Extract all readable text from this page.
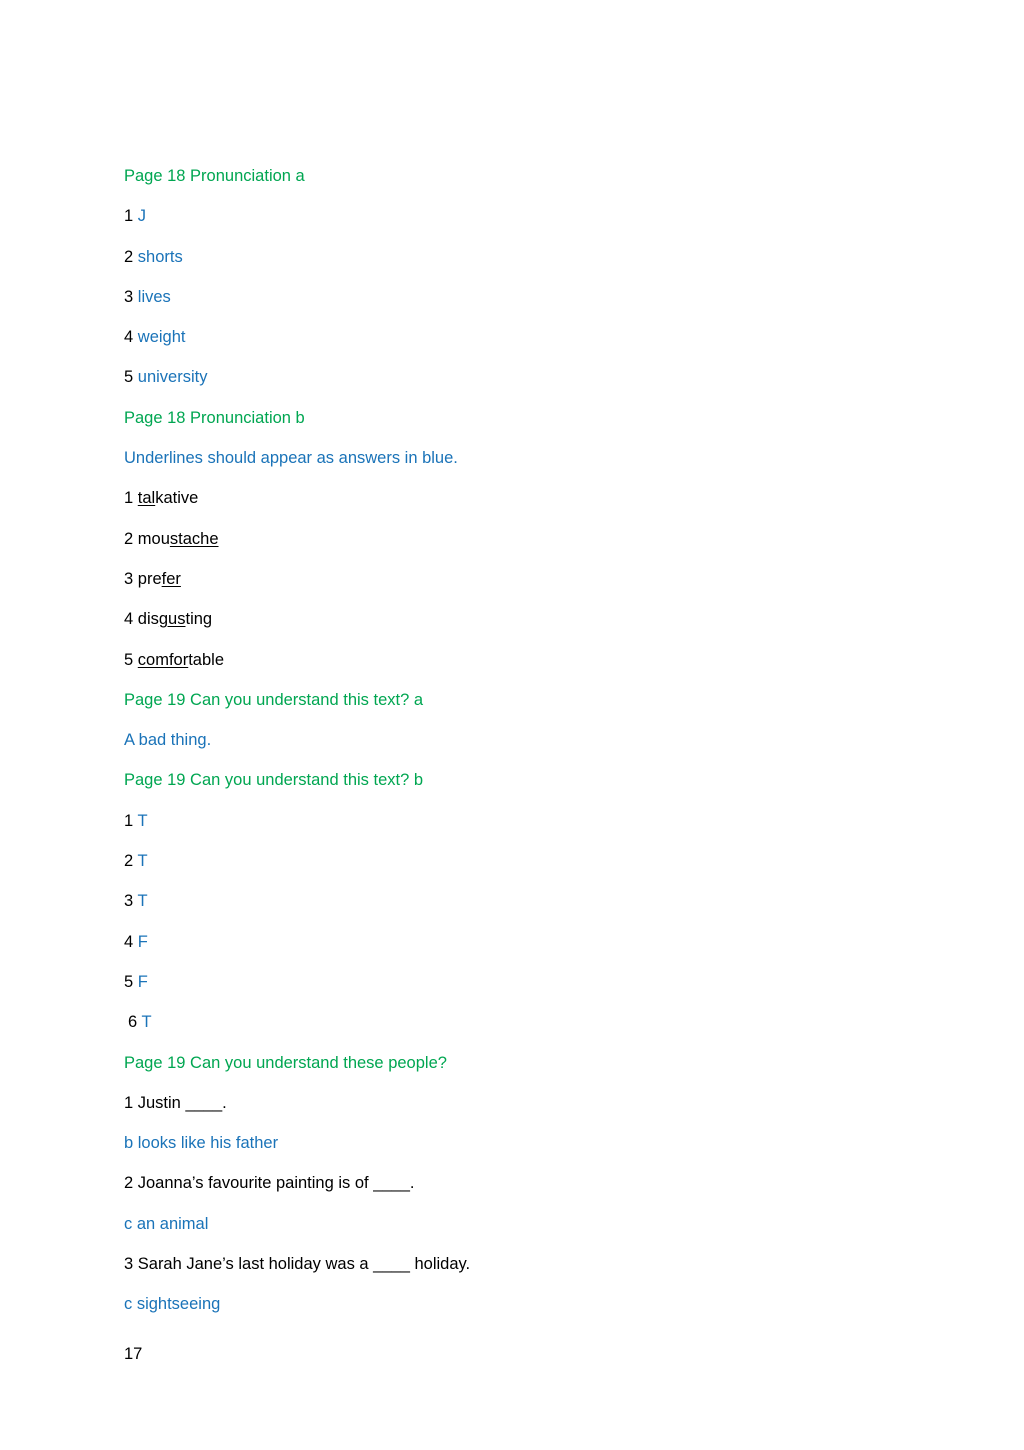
Page 18 Pronunciation a
1 J
2 shorts
3 lives
4 weight
5 university
Page 18 Pronunciation b
Underlines should appear as answers in blue.
1 talkative
2 moustache
3 prefer
4 disgusting
5 comfortable
Page 19 Can you understand this text? a
A bad thing.
Page 19 Can you understand this text? b
1 T
2 T
3 T
4 F
5 F
6 T
Page 19 Can you understand these people?
1 Justin ____.
b looks like his father
2 Joanna’s favourite painting is of ____.
c an animal
3 Sarah Jane’s last holiday was a ____ holiday.
c sightseeing
17
